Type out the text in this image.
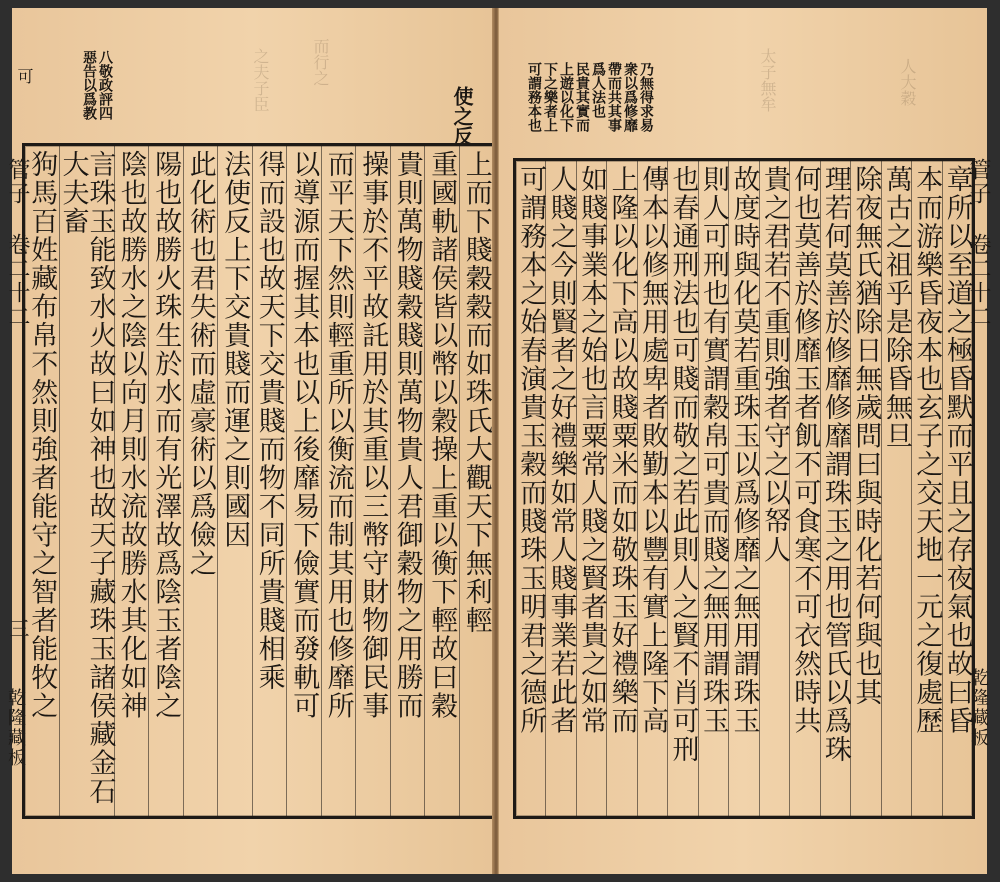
之夫子臣	而行之
可	八敬政評四
惡告以爲教	使之反
管子 卷二十二
三
乾隆藏板
上而下賤穀穀而如珠氏大觀天下無利輕
重國軌諸侯皆以幣以穀操上重以衡下輕故曰穀
貴則萬物賤穀賤則萬物貴人君御穀物之用勝而
操事於不平故託用於其重以三幣守財物御民事
而平天下然則輕重所以衡流而制其用也修靡所
以導源而握其本也以上後靡易下儉實而發軌可
得而設也故天下交貴賤而物不同所貴賤相乘
法使反上下交貴賤而運之則國因
此化術也君失術而虛豪術以爲儉之
陽也故勝火珠生於水而有光澤故爲陰玉者陰之
陰也故勝水之陰以向月則水流故勝水其化如神
言珠玉能致水火故曰如神也故天子藏珠玉諸侯藏金石大夫畜
狗馬百姓藏布帛不然則強者能守之智者能牧之
太子無牟	人大穀
乃無得求易
衆以爲修靡
帶而共其事
爲人法也
民貴其實而
上遊以化下
下之樂者上
可謂務本也
管子 卷二十二
乾隆藏板
章所以至道之極昏默而平且之存夜氣也故曰昏
本而游樂昏夜本也玄子之交天地一元之復處歷
萬古之祖乎是除昏無旦
除夜無氏猶除日無歲問曰與時化若何與也其
理若何莫善於修靡修靡謂珠玉之用也管氏以爲珠
何也莫善於修靡玉者飢不可食寒不可衣然時共
貴之君若不重則強者守之以帑人
故度時與化莫若重珠玉以爲修靡之無用謂珠玉
則人可刑也有實謂穀帛可貴而賤之無用謂珠玉
也春通刑法也可賤而敬之若此則人之賢不肖可刑
傳本以修無用處卑者敗勤本以豐有實上隆下高
上隆以化下高以故賤粟米而如敬珠玉好禮樂而
如賤事業本之始也言粟常人賤之賢者貴之如常
人賤之今則賢者之好禮樂如常人賤事業若此者
可謂務本之始春演貴玉穀而賤珠玉明君之德所
